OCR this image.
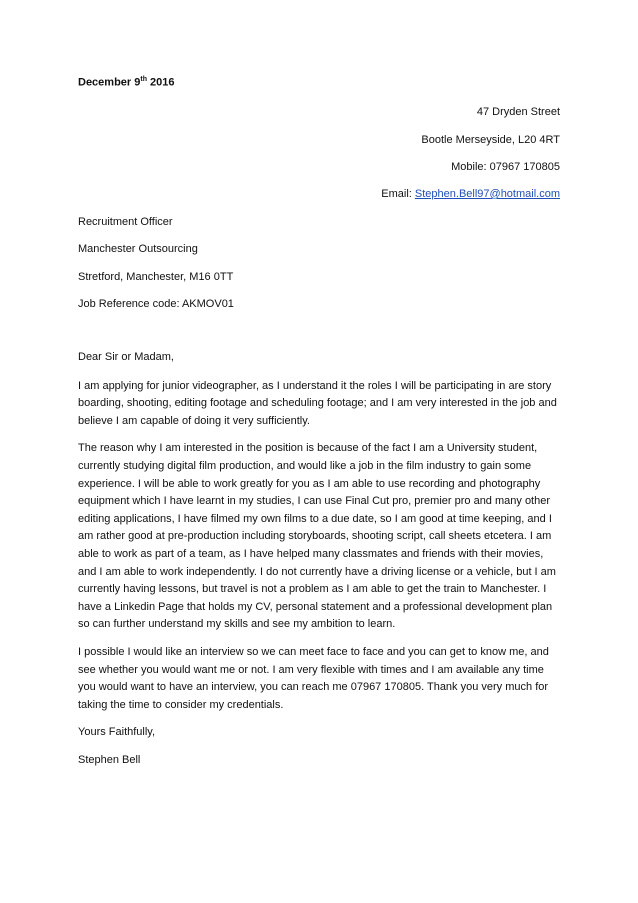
December 9th 2016
47 Dryden Street
Bootle Merseyside, L20 4RT
Mobile: 07967 170805
Email: Stephen.Bell97@hotmail.com
Recruitment Officer
Manchester Outsourcing
Stretford, Manchester, M16 0TT
Job Reference code: AKMOV01

Dear Sir or Madam,

I am applying for junior videographer, as I understand it the roles I will be participating in are story boarding, shooting, editing footage and scheduling footage; and I am very interested in the job and believe I am capable of doing it very sufficiently.

The reason why I am interested in the position is because of the fact I am a University student, currently studying digital film production, and would like a job in the film industry to gain some experience. I will be able to work greatly for you as I am able to use recording and photography equipment which I have learnt in my studies, I can use Final Cut pro, premier pro and many other editing applications, I have filmed my own films to a due date, so I am good at time keeping, and I am rather good at pre-production including storyboards, shooting script, call sheets etcetera. I am able to work as part of a team, as I have helped many classmates and friends with their movies, and I am able to work independently. I do not currently have a driving license or a vehicle, but I am currently having lessons, but travel is not a problem as I am able to get the train to Manchester. I have a Linkedin Page that holds my CV, personal statement and a professional development plan so can further understand my skills and see my ambition to learn.

I possible I would like an interview so we can meet face to face and you can get to know me, and see whether you would want me or not. I am very flexible with times and I am available any time you would want to have an interview, you can reach me 07967 170805. Thank you very much for taking the time to consider my credentials.

Yours Faithfully,

Stephen Bell
